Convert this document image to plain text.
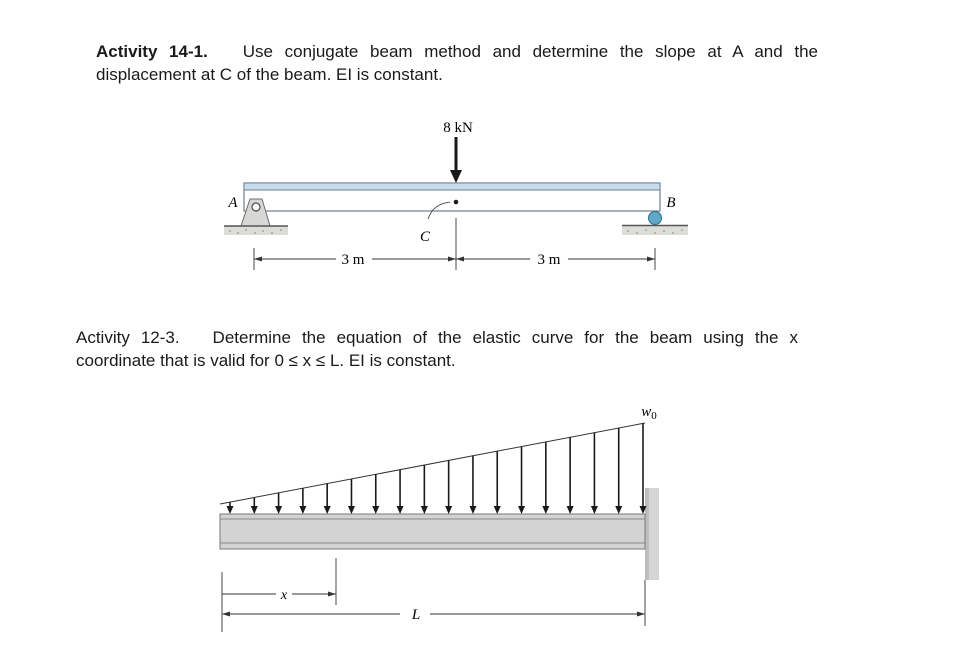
Activity 14-1. Use conjugate beam method and determine the slope at A and the
displacement at C of the beam. EI is constant.
Activity 12-3. Determine the equation of the elastic curve for the beam using the x
coordinate that is valid for 0 ≤ x ≤ L. EI is constant.
8 kN
C
A	B
3 m	3 m
$w_0$
x
L
